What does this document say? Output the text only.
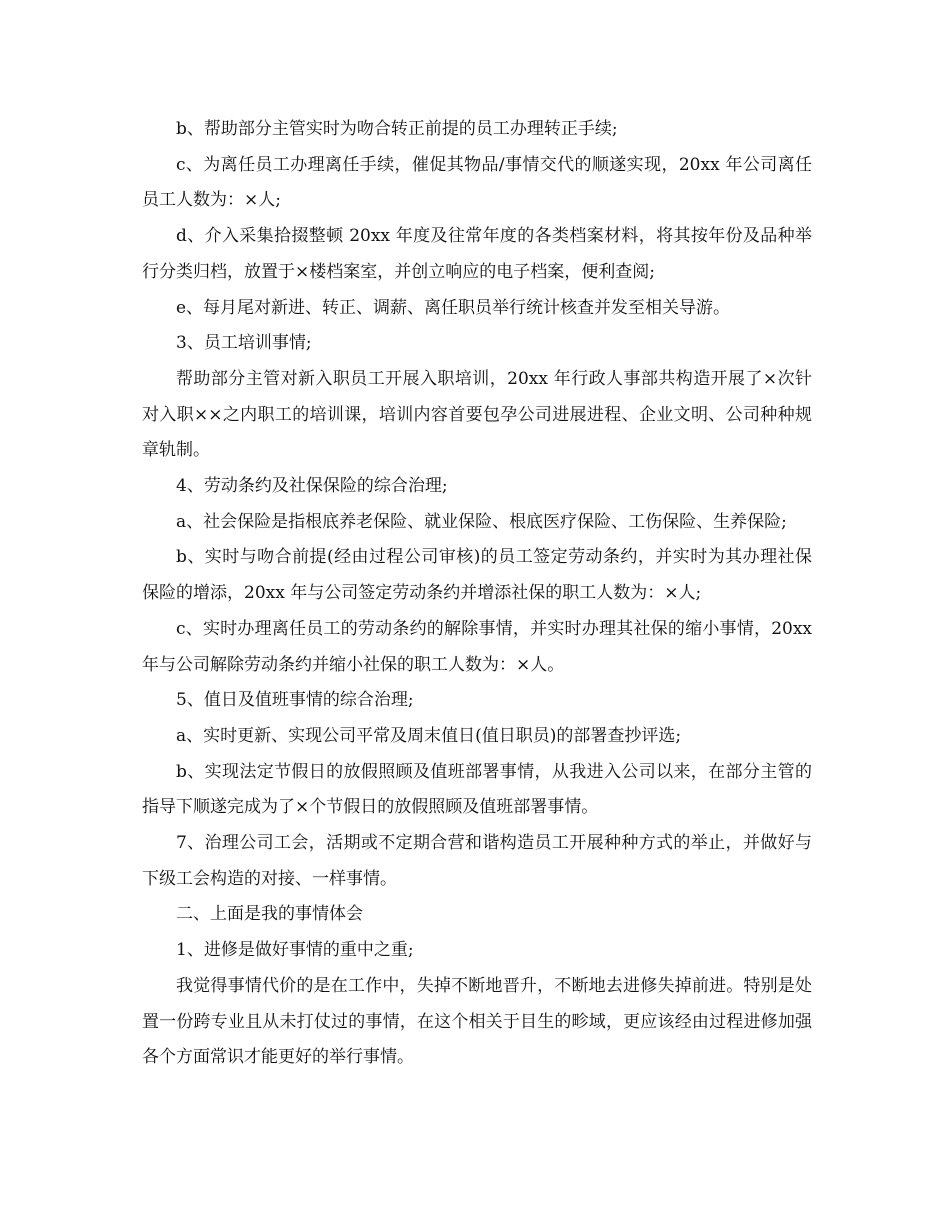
b、帮助部分主管实时为吻合转正前提的员工办理转正手续;

c、为离任员工办理离任手续，催促其物品/事情交代的顺遂实现，20xx 年公司离任员工人数为：×人;

d、介入采集拾掇整顿 20xx 年度及往常年度的各类档案材料，将其按年份及品种举行分类归档，放置于×楼档案室，并创立响应的电子档案，便利查阅;

e、每月尾对新进、转正、调薪、离任职员举行统计核查并发至相关导游。

3、员工培训事情;

帮助部分主管对新入职员工开展入职培训，20xx 年行政人事部共构造开展了×次针对入职××之内职工的培训课，培训内容首要包孕公司进展进程、企业文明、公司种种规章轨制。

4、劳动条约及社保保险的综合治理;

a、社会保险是指根底养老保险、就业保险、根底医疗保险、工伤保险、生养保险;

b、实时与吻合前提(经由过程公司审核)的员工签定劳动条约，并实时为其办理社保保险的增添，20xx 年与公司签定劳动条约并增添社保的职工人数为：×人;

c、实时办理离任员工的劳动条约的解除事情，并实时办理其社保的缩小事情，20xx 年与公司解除劳动条约并缩小社保的职工人数为：×人。

5、值日及值班事情的综合治理;

a、实时更新、实现公司平常及周末值日(值日职员)的部署查抄评选;

b、实现法定节假日的放假照顾及值班部署事情，从我进入公司以来，在部分主管的指导下顺遂完成为了×个节假日的放假照顾及值班部署事情。

7、治理公司工会，活期或不定期合营和谐构造员工开展种种方式的举止，并做好与下级工会构造的对接、一样事情。

二、上面是我的事情体会

1、进修是做好事情的重中之重;

我觉得事情代价的是在工作中，失掉不断地晋升，不断地去进修失掉前进。特别是处置一份跨专业且从未打仗过的事情，在这个相关于目生的畛域，更应该经由过程进修加强各个方面常识才能更好的举行事情。
